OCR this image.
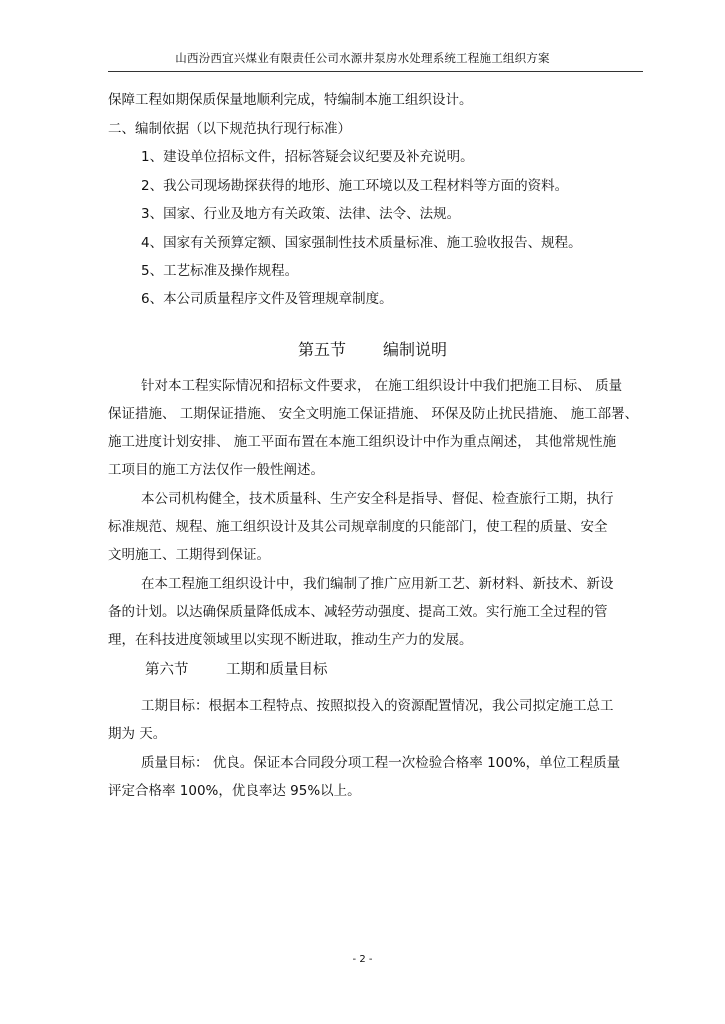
山西汾西宜兴煤业有限责任公司水源井泵房水处理系统工程施工组织方案
保障工程如期保质保量地顺利完成，特编制本施工组织设计。
二、编制依据（以下规范执行现行标准）
1、建设单位招标文件，招标答疑会议纪要及补充说明。
2、我公司现场勘探获得的地形、施工环境以及工程材料等方面的资料。
3、国家、行业及地方有关政策、法律、法令、法规。
4、国家有关预算定额、国家强制性技术质量标准、施工验收报告、规程。
5、工艺标准及操作规程。
6、本公司质量程序文件及管理规章制度。
第五节 编制说明
针对本工程实际情况和招标文件要求， 在施工组织设计中我们把施工目标、 质量
保证措施、 工期保证措施、 安全文明施工保证措施、 环保及防止扰民措施、 施工部署、
施工进度计划安排、 施工平面布置在本施工组织设计中作为重点阐述， 其他常规性施
工项目的施工方法仅作一般性阐述。
本公司机构健全，技术质量科、生产安全科是指导、督促、检查旅行工期，执行
标准规范、规程、施工组织设计及其公司规章制度的只能部门，使工程的质量、安全
文明施工、工期得到保证。
在本工程施工组织设计中，我们编制了推广应用新工艺、新材料、新技术、新设
备的计划。以达确保质量降低成本、减轻劳动强度、提高工效。实行施工全过程的管
理，在科技进度领域里以实现不断进取，推动生产力的发展。
第六节	工期和质量目标
工期目标：根据本工程特点、按照拟投入的资源配置情况，我公司拟定施工总工
期为 天。
质量目标： 优良。保证本合同段分项工程一次检验合格率 100%，单位工程质量
评定合格率 100%，优良率达 95%以上。
- 2 -
